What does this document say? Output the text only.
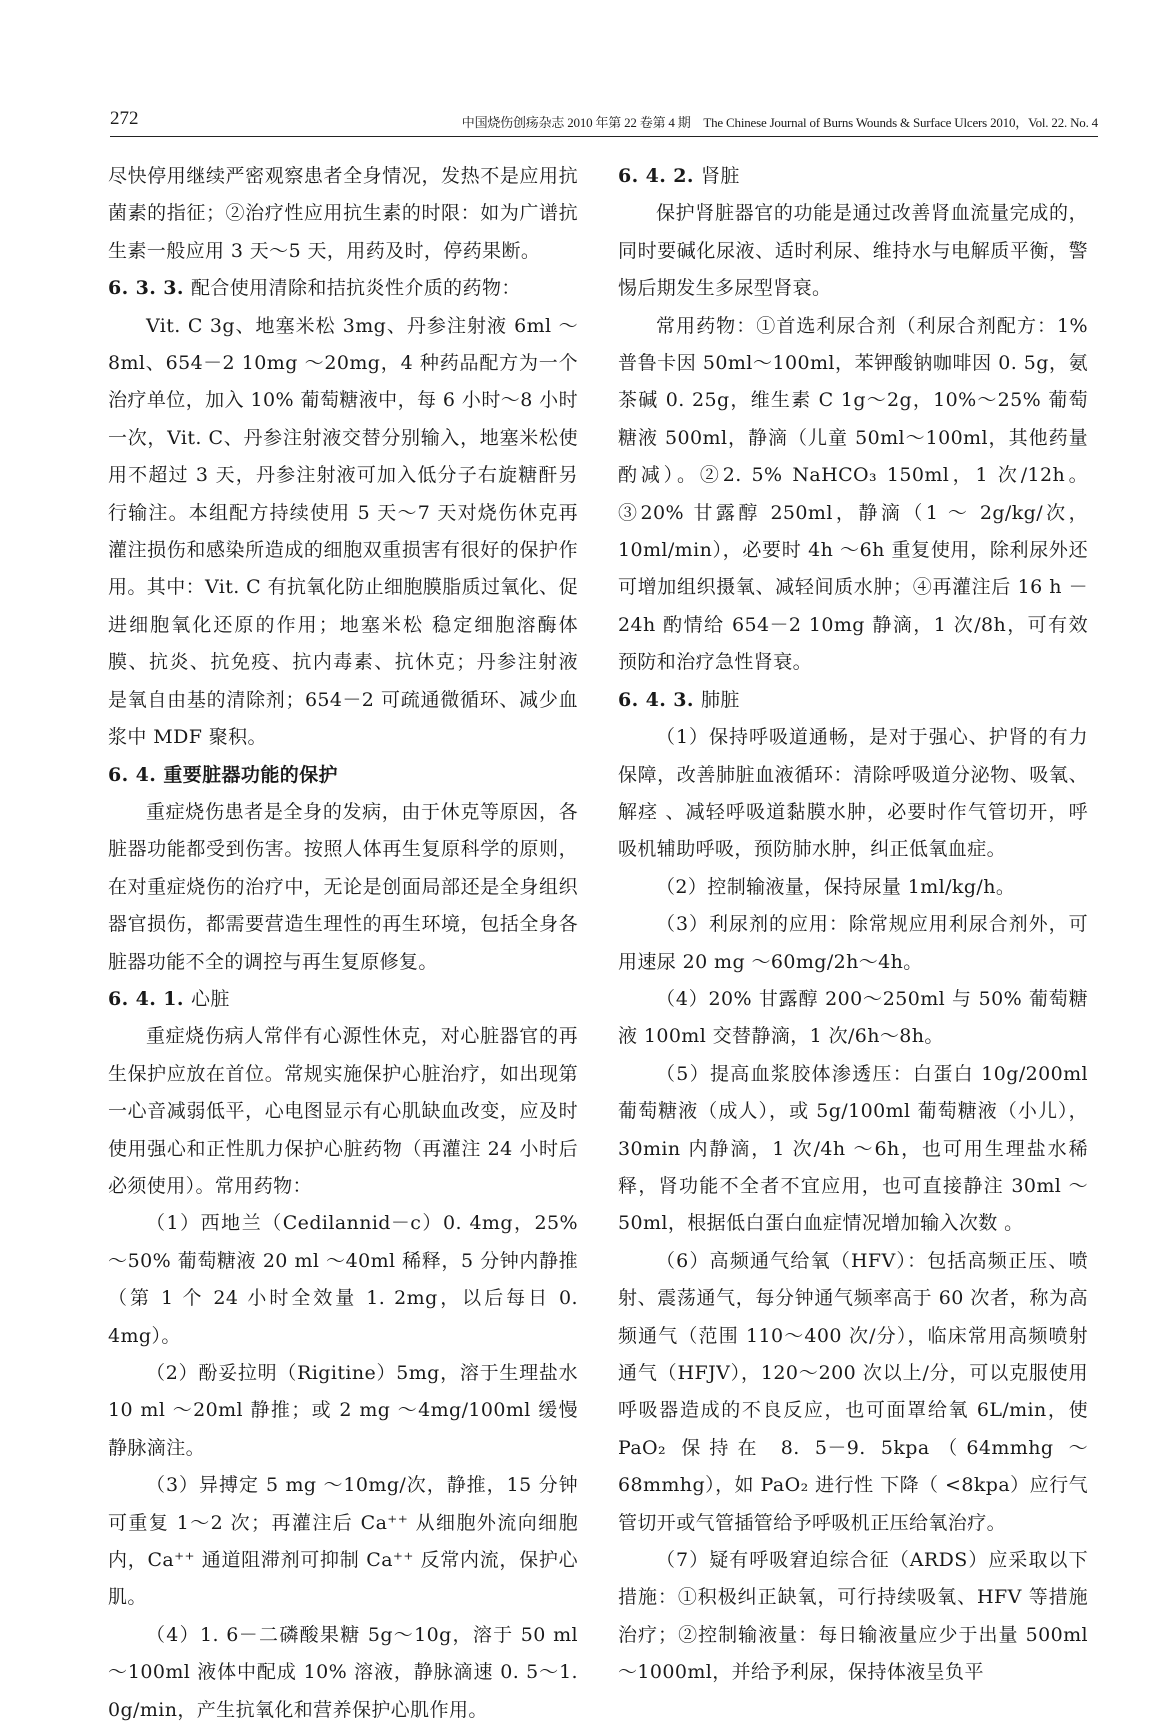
272	中国烧伤创疡杂志 2010 年第 22 卷第 4 期　The Chinese Journal of Burns Wounds & Surface Ulcers 2010，Vol. 22. No. 4

尽快停用继续严密观察患者全身情况，发热不是应用抗菌素的指征；②治疗性应用抗生素的时限：如为广谱抗生素一般应用 3 天～5 天，用药及时，停药果断。

6. 3. 3. 配合使用清除和拮抗炎性介质的药物：

Vit. C 3g、地塞米松 3mg、丹参注射液 6ml ～8ml、654－2 10mg ～20mg，4 种药品配方为一个治疗单位，加入 10% 葡萄糖液中，每 6 小时～8 小时一次，Vit. C、丹参注射液交替分别输入，地塞米松使用不超过 3 天，丹参注射液可加入低分子右旋糖酐另行输注。本组配方持续使用 5 天～7 天对烧伤休克再灌注损伤和感染所造成的细胞双重损害有很好的保护作用。其中：Vit. C 有抗氧化防止细胞膜脂质过氧化、促进细胞氧化还原的作用；地塞米松 稳定细胞溶酶体膜、抗炎、抗免疫、抗内毒素、抗休克；丹参注射液 是氧自由基的清除剂；654－2 可疏通微循环、减少血浆中 MDF 聚积。

6. 4. 重要脏器功能的保护

重症烧伤患者是全身的发病，由于休克等原因，各脏器功能都受到伤害。按照人体再生复原科学的原则，在对重症烧伤的治疗中，无论是创面局部还是全身组织器官损伤，都需要营造生理性的再生环境，包括全身各脏器功能不全的调控与再生复原修复。

6. 4. 1. 心脏

重症烧伤病人常伴有心源性休克，对心脏器官的再生保护应放在首位。常规实施保护心脏治疗，如出现第一心音减弱低平，心电图显示有心肌缺血改变，应及时使用强心和正性肌力保护心脏药物（再灌注 24 小时后必须使用）。常用药物：

（1）西地兰（Cedilannid－c）0. 4mg，25%～50% 葡萄糖液 20 ml ～40ml 稀释，5 分钟内静推（第 1 个 24 小时全效量 1. 2mg，以后每日 0. 4mg）。

（2）酚妥拉明（Rigitine）5mg，溶于生理盐水 10 ml ～20ml 静推；或 2 mg ～4mg/100ml 缓慢静脉滴注。

（3）异搏定 5 mg ～10mg/次，静推，15 分钟可重复 1～2 次；再灌注后 Ca⁺⁺ 从细胞外流向细胞内，Ca⁺⁺ 通道阻滞剂可抑制 Ca⁺⁺ 反常内流，保护心肌。

（4）1. 6－二磷酸果糖 5g～10g，溶于 50 ml ～100ml 液体中配成 10% 溶液，静脉滴速 0. 5～1. 0g/min，产生抗氧化和营养保护心肌作用。

6. 4. 2. 肾脏

保护肾脏器官的功能是通过改善肾血流量完成的，同时要碱化尿液、适时利尿、维持水与电解质平衡，警惕后期发生多尿型肾衰。

常用药物：①首选利尿合剂（利尿合剂配方：1% 普鲁卡因 50ml～100ml，苯钾酸钠咖啡因 0. 5g，氨茶碱 0. 25g，维生素 C 1g～2g，10%～25% 葡萄糖液 500ml，静滴（儿童 50ml～100ml，其他药量酌减）。②2. 5% NaHCO₃ 150ml，1 次/12h。③20% 甘露醇 250ml，静滴（1 ～ 2g/kg/次，10ml/min），必要时 4h ～6h 重复使用，除利尿外还可增加组织摄氧、减轻间质水肿；④再灌注后 16 h －24h 酌情给 654－2 10mg 静滴，1 次/8h，可有效预防和治疗急性肾衰。

6. 4. 3. 肺脏

（1）保持呼吸道通畅，是对于强心、护肾的有力保障，改善肺脏血液循环：清除呼吸道分泌物、吸氧、解痉 、减轻呼吸道黏膜水肿，必要时作气管切开，呼吸机辅助呼吸，预防肺水肿，纠正低氧血症。

（2）控制输液量，保持尿量 1ml/kg/h。

（3）利尿剂的应用：除常规应用利尿合剂外，可用速尿 20 mg ～60mg/2h～4h。

（4）20% 甘露醇 200～250ml 与 50% 葡萄糖液 100ml 交替静滴，1 次/6h～8h。

（5）提高血浆胶体渗透压：白蛋白 10g/200ml 葡萄糖液（成人），或 5g/100ml 葡萄糖液（小儿），30min 内静滴，1 次/4h ～6h，也可用生理盐水稀释，肾功能不全者不宜应用，也可直接静注 30ml ～50ml，根据低白蛋白血症情况增加输入次数 。

（6）高频通气给氧（HFV）：包括高频正压、喷射、震荡通气，每分钟通气频率高于 60 次者，称为高频通气（范围 110～400 次/分），临床常用高频喷射通气（HFJV），120～200 次以上/分，可以克服使用呼吸器造成的不良反应，也可面罩给氧 6L/min，使 PaO₂ 保持在 8. 5－9. 5kpa（64mmhg ～68mmhg），如 PaO₂ 进行性 下降（ <8kpa）应行气管切开或气管插管给予呼吸机正压给氧治疗。

（7）疑有呼吸窘迫综合征（ARDS）应采取以下措施：①积极纠正缺氧，可行持续吸氧、HFV 等措施治疗；②控制输液量：每日输液量应少于出量 500ml～1000ml，并给予利尿，保持体液呈负平
